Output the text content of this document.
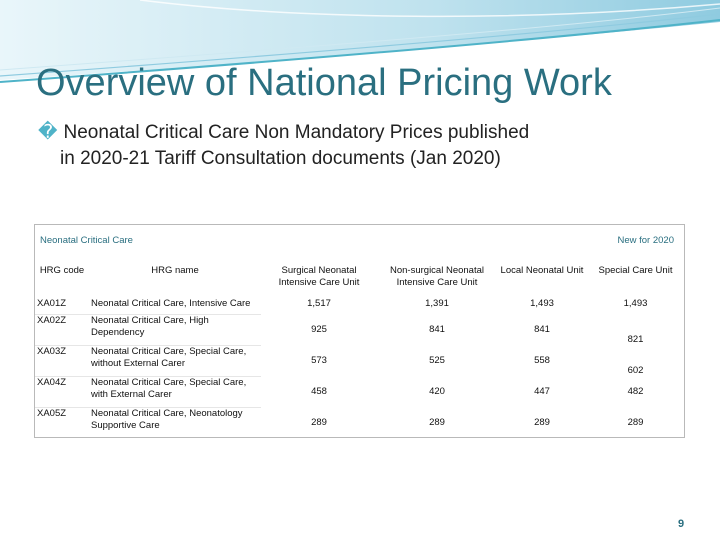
Overview of National Pricing Work
� Neonatal Critical Care Non Mandatory Prices published
in 2020-21 Tariff Consultation documents (Jan 2020)
Neonatal Critical Care	New for 2020
HRG code	HRG name	Surgical Neonatal Intensive Care Unit	Non-surgical Neonatal Intensive Care Unit	Local Neonatal Unit	Special Care Unit
XA01Z	Neonatal Critical Care, Intensive Care	1,517	1,391	1,493	1,493
XA02Z	Neonatal Critical Care, High Dependency	925	841	841	821
XA03Z	Neonatal Critical Care, Special Care, without External Carer	573	525	558	602
XA04Z	Neonatal Critical Care, Special Care, with External Carer	458	420	447	482
XA05Z	Neonatal Critical Care, Neonatology Supportive Care	289	289	289	289
9
